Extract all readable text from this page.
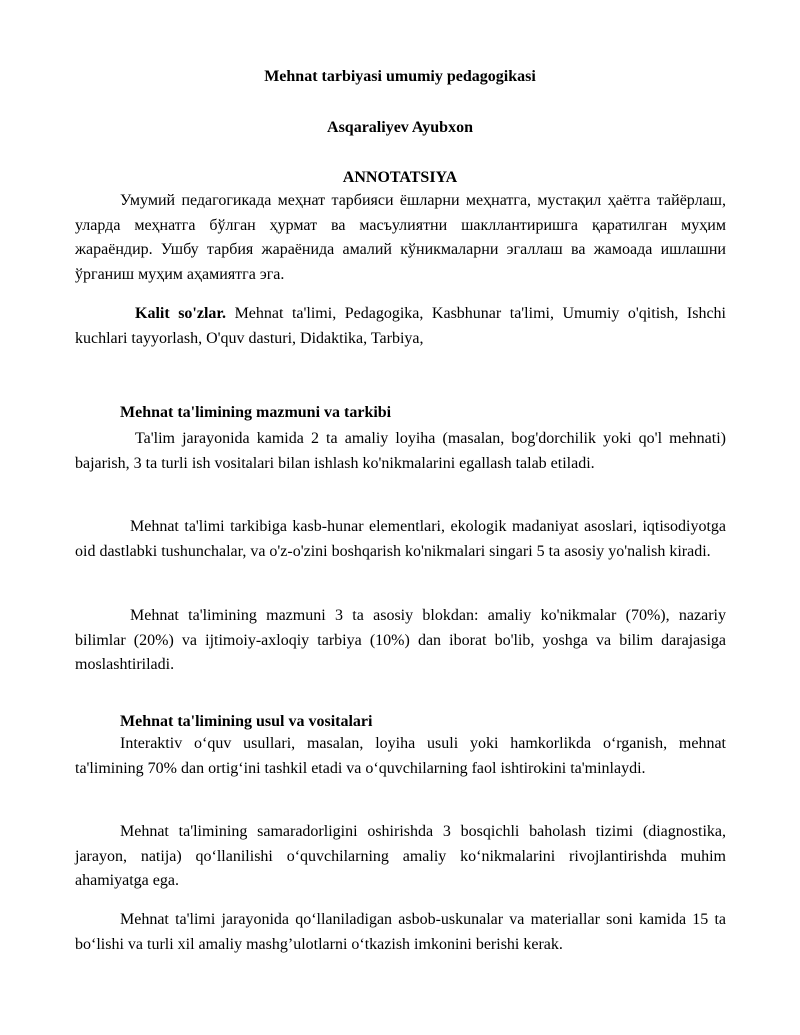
Mehnat tarbiyasi umumiy pedagogikasi
Asqaraliyev Ayubxon
ANNOTATSIYA
Умумий педагогикада меҳнат тарбияси ёшларни меҳнатга, мустақил ҳаётга тайёрлаш, уларда меҳнатга бўлган ҳурмат ва масъулиятни шакллантиришга қаратилган муҳим жараёндир. Ушбу тарбия жараёнида амалий кўникмаларни эгаллаш ва жамоада ишлашни ўрганиш муҳим аҳамиятга эга.
Kalit so'zlar. Mehnat ta'limi, Pedagogika, Kasbhunar ta'limi, Umumiy o'qitish, Ishchi kuchlari tayyorlash, O'quv dasturi, Didaktika, Tarbiya,
Mehnat ta'limining mazmuni va tarkibi
Ta'lim jarayonida kamida 2 ta amaliy loyiha (masalan, bog'dorchilik yoki qo'l mehnati) bajarish, 3 ta turli ish vositalari bilan ishlash ko'nikmalarini egallash talab etiladi.
Mehnat ta'limi tarkibiga kasb-hunar elementlari, ekologik madaniyat asoslari, iqtisodiyotga oid dastlabki tushunchalar, va o'z-o'zini boshqarish ko'nikmalari singari 5 ta asosiy yo'nalish kiradi.
Mehnat ta'limining mazmuni 3 ta asosiy blokdan: amaliy ko'nikmalar (70%), nazariy bilimlar (20%) va ijtimoiy-axloqiy tarbiya (10%) dan iborat bo'lib, yoshga va bilim darajasiga moslashtiriladi.
Mehnat ta'limining usul va vositalari
Interaktiv o‘quv usullari, masalan, loyiha usuli yoki hamkorlikda o‘rganish, mehnat ta'limining 70% dan ortig‘ini tashkil etadi va o‘quvchilarning faol ishtirokini ta'minlaydi.
Mehnat ta'limining samaradorligini oshirishda 3 bosqichli baholash tizimi (diagnostika, jarayon, natija) qo‘llanilishi o‘quvchilarning amaliy ko‘nikmalarini rivojlantirishda muhim ahamiyatga ega.
Mehnat ta'limi jarayonida qo‘llaniladigan asbob-uskunalar va materiallar soni kamida 15 ta bo‘lishi va turli xil amaliy mashg’ulotlarni o‘tkazish imkonini berishi kerak.
